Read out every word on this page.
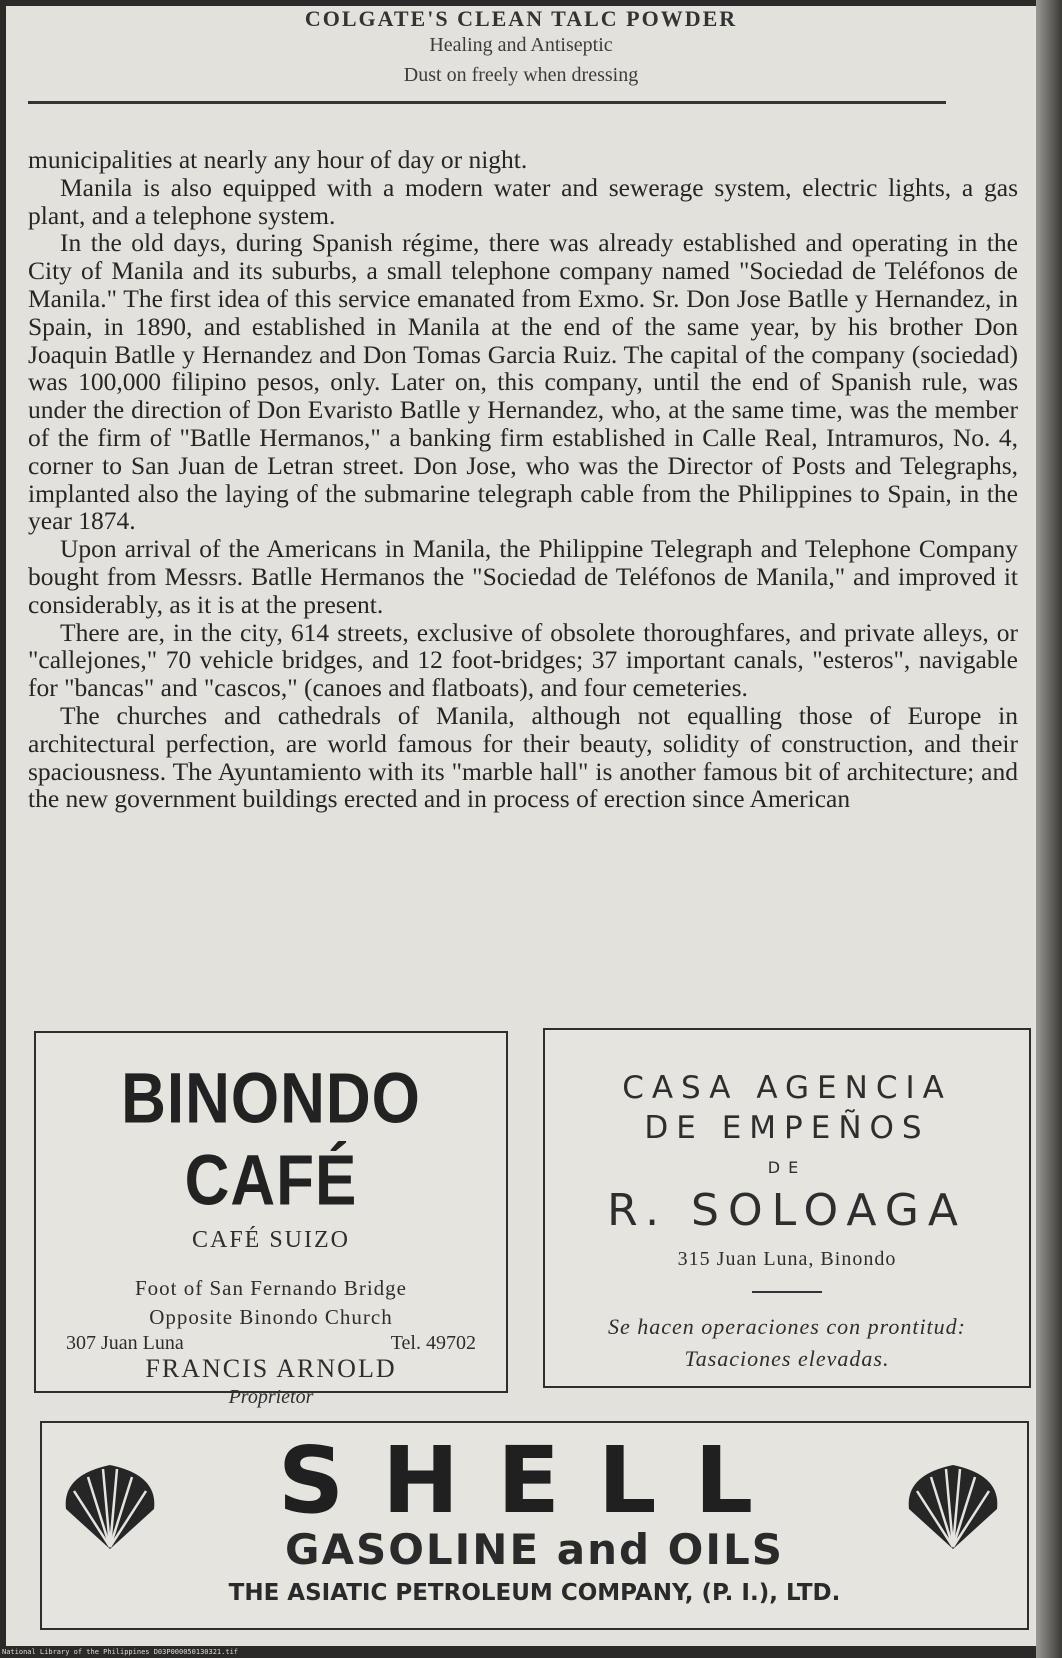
COLGATE'S CLEAN TALC POWDER
Healing and Antiseptic
Dust on freely when dressing

municipalities at nearly any hour of day or night.

Manila is also equipped with a modern water and sewerage system, electric lights, a gas plant, and a telephone system.

In the old days, during Spanish régime, there was already established and operating in the City of Manila and its suburbs, a small telephone company named "Sociedad de Teléfonos de Manila." The first idea of this service emanated from Exmo. Sr. Don Jose Batlle y Hernandez, in Spain, in 1890, and established in Manila at the end of the same year, by his brother Don Joaquin Batlle y Hernandez and Don Tomas Garcia Ruiz. The capital of the company (sociedad) was 100,000 filipino pesos, only. Later on, this company, until the end of Spanish rule, was under the direction of Don Evaristo Batlle y Hernandez, who, at the same time, was the member of the firm of "Batlle Hermanos," a banking firm established in Calle Real, Intramuros, No. 4, corner to San Juan de Letran street. Don Jose, who was the Director of Posts and Telegraphs, implanted also the laying of the submarine telegraph cable from the Philippines to Spain, in the year 1874.

Upon arrival of the Americans in Manila, the Philippine Telegraph and Telephone Company bought from Messrs. Batlle Hermanos the "Sociedad de Teléfonos de Manila," and improved it considerably, as it is at the present.

There are, in the city, 614 streets, exclusive of obsolete thoroughfares, and private alleys, or "callejones," 70 vehicle bridges, and 12 foot-bridges; 37 important canals, "esteros", navigable for "bancas" and "cascos," (canoes and flatboats), and four cemeteries.

The churches and cathedrals of Manila, although not equalling those of Europe in architectural perfection, are world famous for their beauty, solidity of construction, and their spaciousness. The Ayuntamiento with its "marble hall" is another famous bit of architecture; and the new government buildings erected and in process of erection since American

BINONDO CAFÉ
CAFÉ SUIZO
Foot of San Fernando Bridge
Opposite Binondo Church
FRANCIS ARNOLD
Proprietor
307 Juan Luna	Tel. 49702
CASA AGENCIA
DE EMPEÑOS
DE
R. SOLOAGA
315 Juan Luna, Binondo
Se hacen operaciones con prontitud: Tasaciones elevadas.
SHELL
GASOLINE and OILS
THE ASIATIC PETROLEUM COMPANY, (P. I.), LTD.
National Library of the Philippines D03P000050130321.tif
